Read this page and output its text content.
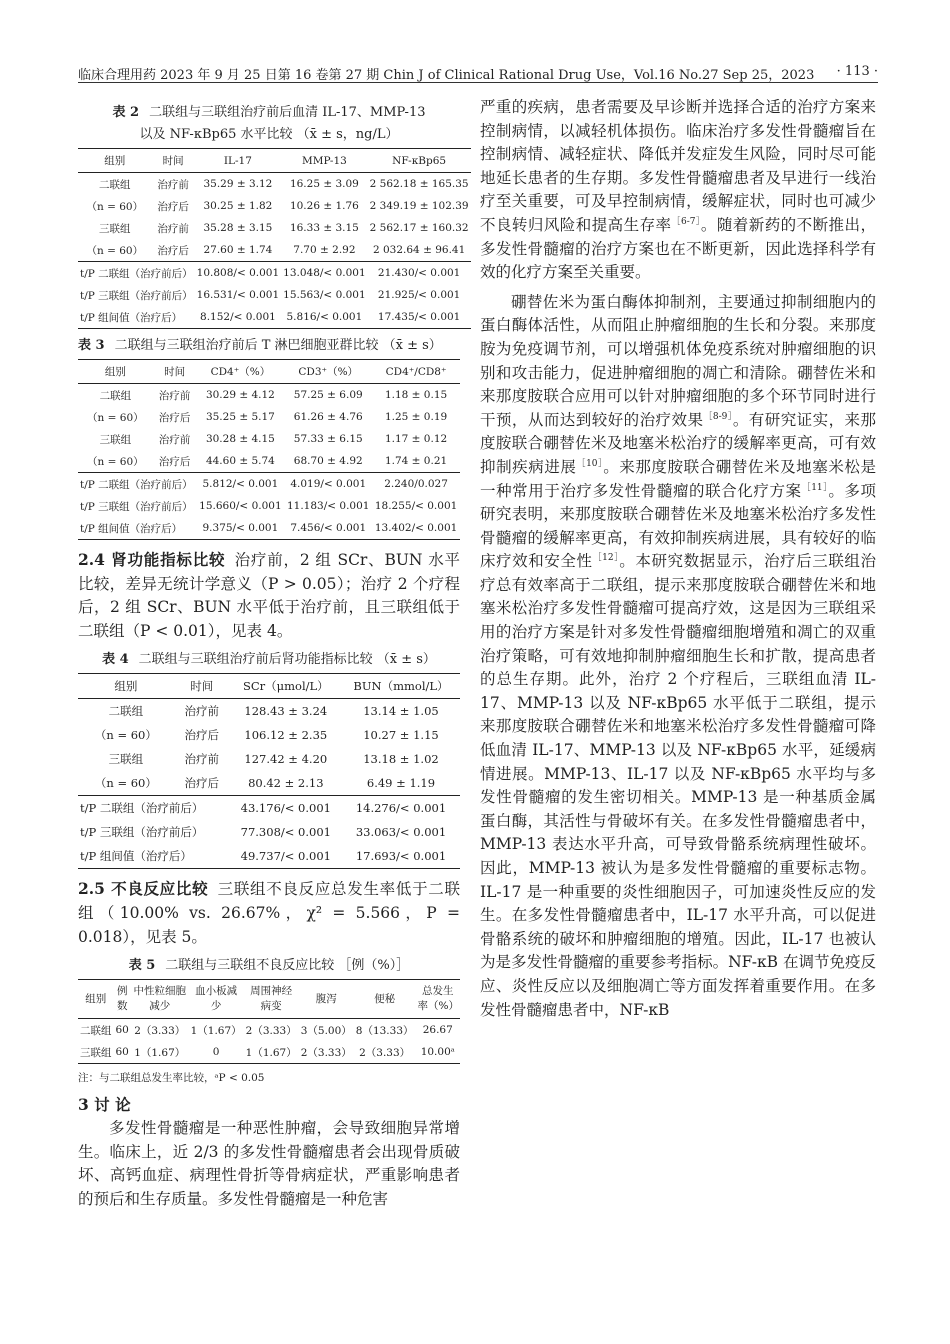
临床合理用药 2023 年 9 月 25 日第 16 卷第 27 期 Chin J of Clinical Rational Drug Use，Vol.16 No.27 Sep 25，2023 · 113 ·
表 2 二联组与三联组治疗前后血清 IL-17、MMP-13
以及 NF-κBp65 水平比较 （x̄ ± s，ng/L）
组别	时间	IL-17	MMP-13	NF-κBp65
二联组	治疗前	35.29 ± 3.12	16.25 ± 3.09	2 562.18 ± 165.35
（n = 60）	治疗后	30.25 ± 1.82	10.26 ± 1.76	2 349.19 ± 102.39
三联组	治疗前	35.28 ± 3.15	16.33 ± 3.15	2 562.17 ± 160.32
（n = 60）	治疗后	27.60 ± 1.74	7.70 ± 2.92	2 032.64 ± 96.41
t/P 二联组（治疗前后）		10.808/< 0.001	13.048/< 0.001	21.430/< 0.001
t/P 三联组（治疗前后）		16.531/< 0.001	15.563/< 0.001	21.925/< 0.001
t/P 组间值（治疗后）		8.152/< 0.001	5.816/< 0.001	17.435/< 0.001
表 3 二联组与三联组治疗前后 T 淋巴细胞亚群比较 （x̄ ± s）
组别	时间	CD4⁺（%）	CD3⁺（%）	CD4⁺/CD8⁺
二联组	治疗前	30.29 ± 4.12	57.25 ± 6.09	1.18 ± 0.15
（n = 60）	治疗后	35.25 ± 5.17	61.26 ± 4.76	1.25 ± 0.19
三联组	治疗前	30.28 ± 4.15	57.33 ± 6.15	1.17 ± 0.12
（n = 60）	治疗后	44.60 ± 5.74	68.70 ± 4.92	1.74 ± 0.21
t/P 二联组（治疗前后）		5.812/< 0.001	4.019/< 0.001	2.240/0.027
t/P 三联组（治疗前后）		15.660/< 0.001	11.183/< 0.001	18.255/< 0.001
t/P 组间值（治疗后）		9.375/< 0.001	7.456/< 0.001	13.402/< 0.001

2.4 肾功能指标比较 治疗前，2 组 SCr、BUN 水平比较，差异无统计学意义（P > 0.05）；治疗 2 个疗程后，2 组 SCr、BUN 水平低于治疗前，且三联组低于二联组（P < 0.01），见表 4。

表 4 二联组与三联组治疗前后肾功能指标比较 （x̄ ± s）
组别	时间	SCr（μmol/L）	BUN（mmol/L）
二联组	治疗前	128.43 ± 3.24	13.14 ± 1.05
（n = 60）	治疗后	106.12 ± 2.35	10.27 ± 1.15
三联组	治疗前	127.42 ± 4.20	13.18 ± 1.02
（n = 60）	治疗后	80.42 ± 2.13	6.49 ± 1.19
t/P 二联组（治疗前后）		43.176/< 0.001	14.276/< 0.001
t/P 三联组（治疗前后）		77.308/< 0.001	33.063/< 0.001
t/P 组间值（治疗后）		49.737/< 0.001	17.693/< 0.001

2.5 不良反应比较 三联组不良反应总发生率低于二联组（10.00% vs. 26.67%，χ² = 5.566，P = 0.018），见表 5。

表 5 二联组与三联组不良反应比较 ［例（%）］
组别	例数	中性粒细胞减少	血小板减少	周围神经病变	腹泻	便秘	总发生率（%）
二联组	60	2（3.33）	1（1.67）	2（3.33）	3（5.00）	8（13.33）	26.67
三联组	60	1（1.67）	0	1（1.67）	2（3.33）	2（3.33）	10.00ᵃ
注：与二联组总发生率比较，ᵃP < 0.05
3 讨 论

多发性骨髓瘤是一种恶性肿瘤，会导致细胞异常增生。临床上，近 2/3 的多发性骨髓瘤患者会出现骨质破坏、高钙血症、病理性骨折等骨病症状，严重影响患者的预后和生存质量。多发性骨髓瘤是一种危害

严重的疾病，患者需要及早诊断并选择合适的治疗方案来控制病情，以减轻机体损伤。临床治疗多发性骨髓瘤旨在控制病情、减轻症状、降低并发症发生风险，同时尽可能地延长患者的生存期。多发性骨髓瘤患者及早进行一线治疗至关重要，可及早控制病情，缓解症状，同时也可减少不良转归风险和提高生存率$^{[6-7]}$。随着新药的不断推出，多发性骨髓瘤的治疗方案也在不断更新，因此选择科学有效的化疗方案至关重要。

硼替佐米为蛋白酶体抑制剂，主要通过抑制细胞内的蛋白酶体活性，从而阻止肿瘤细胞的生长和分裂。来那度胺为免疫调节剂，可以增强机体免疫系统对肿瘤细胞的识别和攻击能力，促进肿瘤细胞的凋亡和清除。硼替佐米和来那度胺联合应用可以针对肿瘤细胞的多个环节同时进行干预，从而达到较好的治疗效果$^{[8-9]}$。有研究证实，来那度胺联合硼替佐米及地塞米松治疗的缓解率更高，可有效抑制疾病进展$^{[10]}$。来那度胺联合硼替佐米及地塞米松是一种常用于治疗多发性骨髓瘤的联合化疗方案$^{[11]}$。多项研究表明，来那度胺联合硼替佐米及地塞米松治疗多发性骨髓瘤的缓解率更高，有效抑制疾病进展，具有较好的临床疗效和安全性$^{[12]}$。本研究数据显示，治疗后三联组治疗总有效率高于二联组，提示来那度胺联合硼替佐米和地塞米松治疗多发性骨髓瘤可提高疗效，这是因为三联组采用的治疗方案是针对多发性骨髓瘤细胞增殖和凋亡的双重治疗策略，可有效地抑制肿瘤细胞生长和扩散，提高患者的总生存期。此外，治疗 2 个疗程后，三联组血清 IL-17、MMP-13 以及 NF-κBp65 水平低于二联组，提示来那度胺联合硼替佐米和地塞米松治疗多发性骨髓瘤可降低血清 IL-17、MMP-13 以及 NF-κBp65 水平，延缓病情进展。MMP-13、IL-17 以及 NF-κBp65 水平均与多发性骨髓瘤的发生密切相关。MMP-13 是一种基质金属蛋白酶，其活性与骨破坏有关。在多发性骨髓瘤患者中，MMP-13 表达水平升高，可导致骨骼系统病理性破坏。因此，MMP-13 被认为是多发性骨髓瘤的重要标志物。IL-17 是一种重要的炎性细胞因子，可加速炎性反应的发生。在多发性骨髓瘤患者中，IL-17 水平升高，可以促进骨骼系统的破坏和肿瘤细胞的增殖。因此，IL-17 也被认为是多发性骨髓瘤的重要参考指标。NF-κB 在调节免疫反应、炎性反应以及细胞凋亡等方面发挥着重要作用。在多发性骨髓瘤患者中，NF-κB
